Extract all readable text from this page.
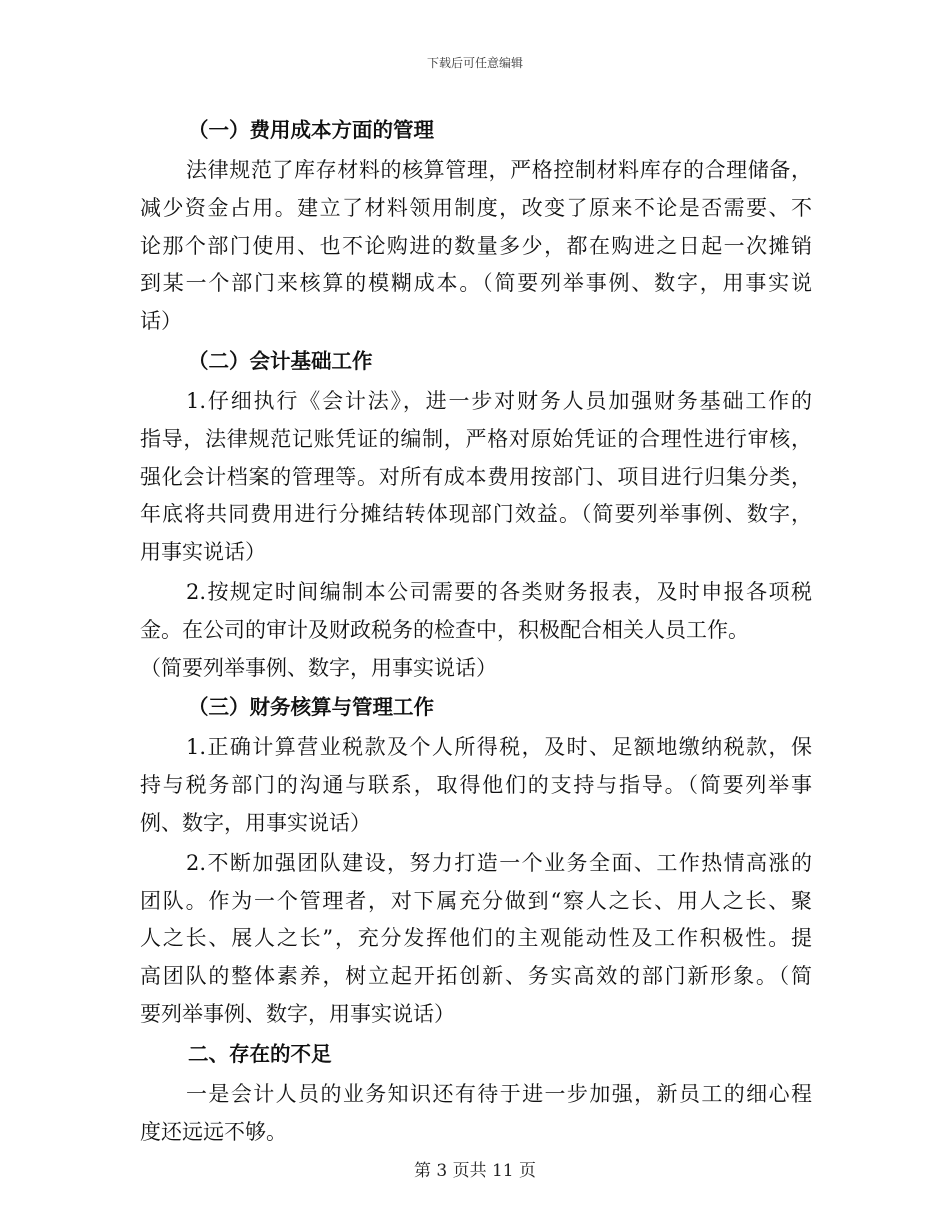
下载后可任意编辑
（一）费用成本方面的管理
法律规范了库存材料的核算管理，严格控制材料库存的合理储备，
减少资金占用。建立了材料领用制度，改变了原来不论是否需要、不
论那个部门使用、也不论购进的数量多少，都在购进之日起一次摊销
到某一个部门来核算的模糊成本。（简要列举事例、数字，用事实说
话）
（二）会计基础工作
1.仔细执行《会计法》，进一步对财务人员加强财务基础工作的
指导，法律规范记账凭证的编制，严格对原始凭证的合理性进行审核，
强化会计档案的管理等。对所有成本费用按部门、项目进行归集分类，
年底将共同费用进行分摊结转体现部门效益。（简要列举事例、数字，
用事实说话）
2.按规定时间编制本公司需要的各类财务报表，及时申报各项税
金。在公司的审计及财政税务的检查中，积极配合相关人员工作。
（简要列举事例、数字，用事实说话）
（三）财务核算与管理工作
1.正确计算营业税款及个人所得税，及时、足额地缴纳税款，保
持与税务部门的沟通与联系，取得他们的支持与指导。（简要列举事
例、数字，用事实说话）
2.不断加强团队建设，努力打造一个业务全面、工作热情高涨的
团队。作为一个管理者，对下属充分做到“察人之长、用人之长、聚
人之长、展人之长”，充分发挥他们的主观能动性及工作积极性。提
高团队的整体素养，树立起开拓创新、务实高效的部门新形象。（简
要列举事例、数字，用事实说话）
二、存在的不足
一是会计人员的业务知识还有待于进一步加强，新员工的细心程
度还远远不够。
第 3 页共 11 页
